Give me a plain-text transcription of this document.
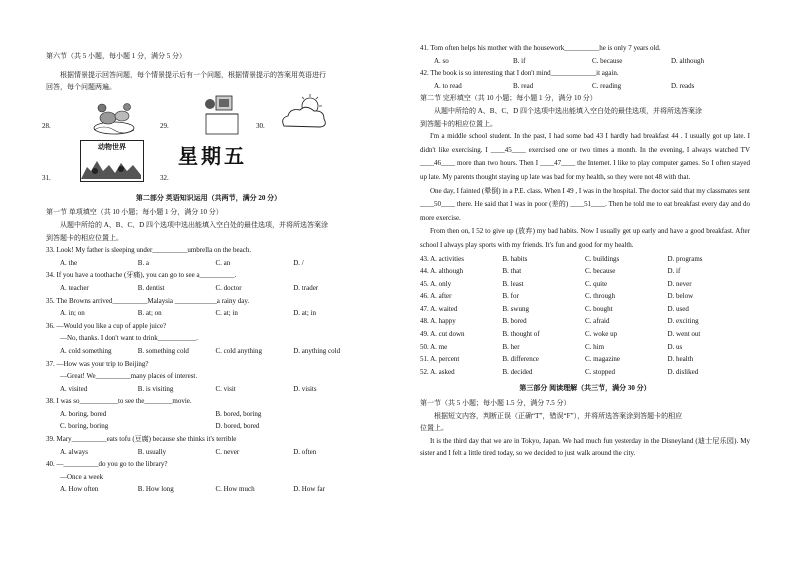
第六节（共 5 小题，每小题 1 分，满分 5 分）
根据情景提示回答问题，每个情景提示后有一个问题，根据情景提示的答案用英语进行
回答，每个问题两遍。
28.	29.	30.
31.
动物世界
32.
星期五
第二部分 英语知识运用（共两节，满分 20 分）
第一节 单项填空（共 10 小题；每小题 1 分，满分 10 分）
从题中所给的 A、B、C、D 四个选项中选出能填入空白处的最佳选项，并将所选答案涂
到答题卡的相应位置上。
33. Look! My father is sleeping under__________umbrella on the beach.
A. the	B. a	C. an	D. /
34. If you have a toothache (牙痛), you can go to see a__________.
A. teacher	B. dentist	C. doctor	D. trader
35. The Browns arrived__________Malaysia ____________a rainy day.
A. in; on	B. at; on	C. at; in	D. at; in
36. —Would you like a cup of apple juice?
—No, thanks. I don't want to drink___________.
A. cold something	B. something cold	C. cold anything	D. anything cold
37. —How was your trip to Beijing?
—Great! We__________many places of interest.
A. visited	B. is visiting	C. visit	D. visits
38. I was so___________to see the________movie.
A. boring, bored	B. bored, boring
C. boring, boring	D. bored, bored
39. Mary__________eats tofu (豆腐) because she thinks it's terrible
A. always	B. usually	C. never	D. often
40. —__________do you go to the library?
—Once a week
A. How often	B. How long	C. How much	D. How far
41. Tom often helps his mother with the housework__________he is only 7 years old.
A. so	B. if	C. because	D. although
42. The book is so interesting that I don't mind_____________it again.
A. to read	B. read	C. reading	D. reads
第二节 完形填空（共 10 小题；每小题 1 分，满分 10 分）
从题中所给的 A、B、C、D 四个选项中选出能填入空白处的最佳选项，并将所选答案涂
到答题卡的相应位置上。
I'm a middle school student. In the past, I had some bad 43 I hardly had breakfast 44 . I usually got up late. I didn't like exercising. I ____45____ exercised one or two times a month. In the evening, I always watched TV ____46____ more than two hours. Then I ____47____ the Internet. I like to play computer games. So I often stayed up late. My parents thought staying up late was bad for my health, so they were not 48 with that.
One day, I fainted (晕倒) in a P.E. class. When I 49 , I was in the hospital. The doctor said that my classmates sent ____50____ there. He said that I was in poor (差的) ____51____. Then he told me to eat breakfast every day and do more exercise.
From then on, I 52 to give up (放弃) my bad habits. Now I usually get up early and have a good breakfast. After school I always play sports with my friends. It's fun and good for my health.
43. A. activities	B. habits	C. buildings	D. programs
44. A. although	B. that	C. because	D. if
45. A. only	B. least	C. quite	D. never
46. A. after	B. for	C. through	D. below
47. A. waited	B. swung	C. bought	D. used
48. A. happy	B. bored	C. afraid	D. exciting
49. A. cut down	B. thought of	C. woke up	D. went out
50. A. me	B. her	C. him	D. us
51. A. percent	B. difference	C. magazine	D. health
52. A. asked	B. decided	C. stopped	D. disliked
第三部分 阅读理解（共三节，满分 30 分）
第一节（共 5 小题；每小题 1.5 分，满分 7.5 分）
根据短文内容，判断正误（正确“T”，错误“F”），并将所选答案涂到答题卡的相应
位置上。
It is the third day that we are in Tokyo, Japan. We had much fun yesterday in the Disneyland (迪士尼乐园). My sister and I felt a little tired today, so we decided to just walk around the city.
